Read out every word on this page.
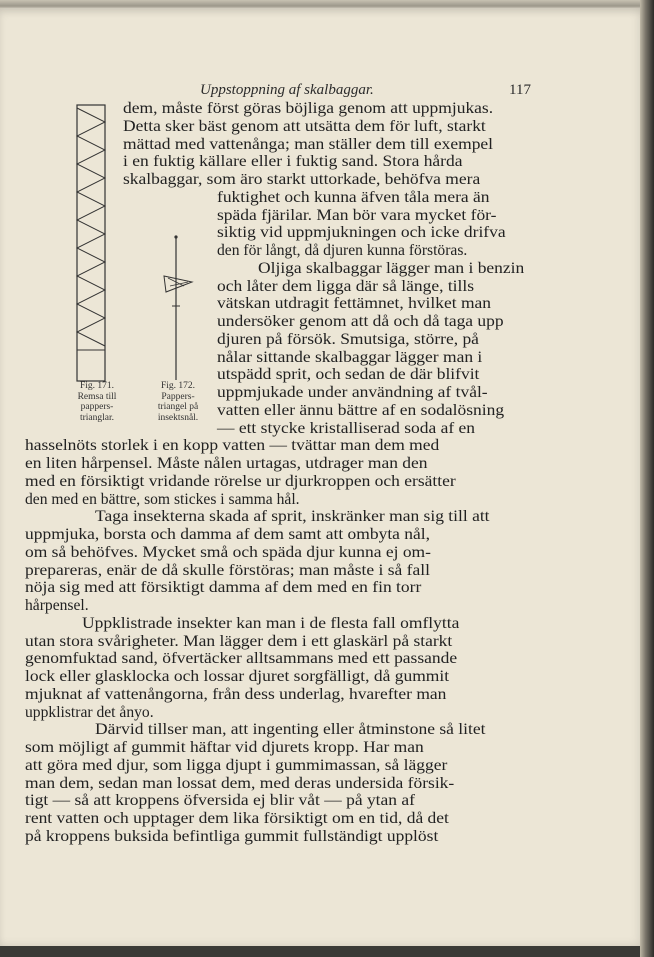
Uppstoppning af skalbaggar.	117
Fig. 171.
Remsa till
pappers-
trianglar.
Fig. 172.
Pappers-
triangel på
insektsnål.
dem, måste först göras böjliga genom att uppmjukas.
Detta sker bäst genom att utsätta dem för luft, starkt
mättad med vattenånga; man ställer dem till exempel
i en fuktig källare eller i fuktig sand. Stora hårda
skalbaggar, som äro starkt uttorkade, behöfva mera
fuktighet och kunna äfven tåla mera än
späda fjärilar. Man bör vara mycket för-
siktig vid uppmjukningen och icke drifva
den för långt, då djuren kunna förstöras.
Oljiga skalbaggar lägger man i benzin
och låter dem ligga där så länge, tills
vätskan utdragit fettämnet, hvilket man
undersöker genom att då och då taga upp
djuren på försök. Smutsiga, större, på
nålar sittande skalbaggar lägger man i
utspädd sprit, och sedan de där blifvit
uppmjukade under användning af tvål-
vatten eller ännu bättre af en sodalösning
— ett stycke kristalliserad soda af en
hasselnöts storlek i en kopp vatten — tvättar man dem med
en liten hårpensel. Måste nålen urtagas, utdrager man den
med en försiktigt vridande rörelse ur djurkroppen och ersätter
den med en bättre, som stickes i samma hål.
Taga insekterna skada af sprit, inskränker man sig till att
uppmjuka, borsta och damma af dem samt att ombyta nål,
om så behöfves. Mycket små och späda djur kunna ej om-
prepareras, enär de då skulle förstöras; man måste i så fall
nöja sig med att försiktigt damma af dem med en fin torr
hårpensel.
Uppklistrade insekter kan man i de flesta fall omflytta
utan stora svårigheter. Man lägger dem i ett glaskärl på starkt
genomfuktad sand, öfvertäcker alltsammans med ett passande
lock eller glasklocka och lossar djuret sorgfälligt, då gummit
mjuknat af vattenångorna, från dess underlag, hvarefter man
uppklistrar det ånyo.
Därvid tillser man, att ingenting eller åtminstone så litet
som möjligt af gummit häftar vid djurets kropp. Har man
att göra med djur, som ligga djupt i gummimassan, så lägger
man dem, sedan man lossat dem, med deras undersida försik-
tigt — så att kroppens öfversida ej blir våt — på ytan af
rent vatten och upptager dem lika försiktigt om en tid, då det
på kroppens buksida befintliga gummit fullständigt upplöst
